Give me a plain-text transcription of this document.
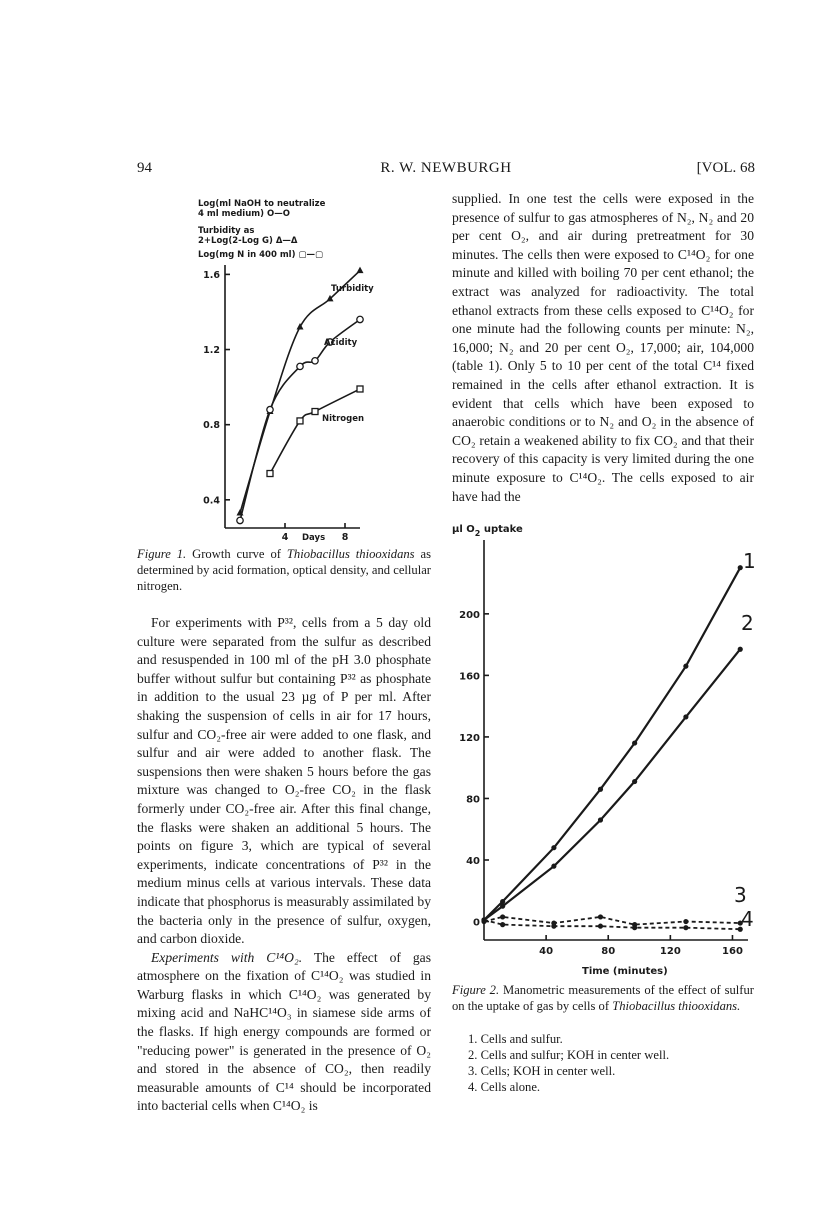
94	R. W. NEWBURGH	[VOL. 68
Log(ml NaOH to neutralize
4 ml medium) O—O
Turbidity as
2+Log(2-Log G) Δ—Δ
Log(mg N in 400 ml) ▢—▢
0.4
0.8
1.2
1.6
4	8
Turbidity
Acidity
Nitrogen
Days

Figure 1. Growth curve of Thiobacillus thiooxidans as determined by acid formation, optical density, and cellular nitrogen.

For experiments with P³², cells from a 5 day old culture were separated from the sulfur as described and resuspended in 100 ml of the pH 3.0 phosphate buffer without sulfur but containing P³² as phosphate in addition to the usual 23 µg of P per ml. After shaking the suspension of cells in air for 17 hours, sulfur and CO₂-free air were added to one flask, and sulfur and air were added to another flask. The suspensions then were shaken 5 hours before the gas mixture was changed to O₂-free CO₂ in the flask formerly under CO₂-free air. After this final change, the flasks were shaken an additional 5 hours. The points on figure 3, which are typical of several experiments, indicate concentrations of P³² in the medium minus cells at various intervals. These data indicate that phosphorus is measurably assimilated by the bacteria only in the presence of sulfur, oxygen, and carbon dioxide.

Experiments with C¹⁴O₂. The effect of gas atmosphere on the fixation of C¹⁴O₂ was studied in Warburg flasks in which C¹⁴O₂ was generated by mixing acid and NaHC¹⁴O₃ in siamese side arms of the flasks. If high energy compounds are formed or "reducing power" is generated in the presence of O₂ and stored in the absence of CO₂, then readily measurable amounts of C¹⁴ should be incorporated into bacterial cells when C¹⁴O₂ is

supplied. In one test the cells were exposed in the presence of sulfur to gas atmospheres of N₂, N₂ and 20 per cent O₂, and air during pretreatment for 30 minutes. The cells then were exposed to C¹⁴O₂ for one minute and killed with boiling 70 per cent ethanol; the extract was analyzed for radioactivity. The total ethanol extracts from these cells exposed to C¹⁴O₂ for one minute had the following counts per minute: N₂, 16,000; N₂ and 20 per cent O₂, 17,000; air, 104,000 (table 1). Only 5 to 10 per cent of the total C¹⁴ fixed remained in the cells after ethanol extraction. It is evident that cells which have been exposed to anaerobic conditions or to N₂ and O₂ in the absence of CO₂ retain a weakened ability to fix CO₂ and that their recovery of this capacity is very limited during the one minute exposure to C¹⁴O₂. The cells exposed to air have had the

µl $O_2$ uptake
0
40
80
120
160
200
40	80	120	160
1
2
3
4
Time (minutes)

Figure 2. Manometric measurements of the effect of sulfur on the uptake of gas by cells of Thiobacillus thiooxidans.

1. Cells and sulfur.
2. Cells and sulfur; KOH in center well.
3. Cells; KOH in center well.
4. Cells alone.
